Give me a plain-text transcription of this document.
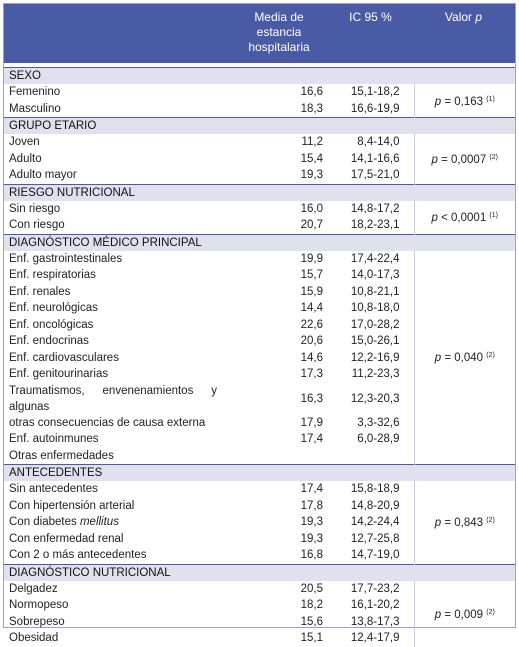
	Media de estancia hospitalaria	IC 95 %	Valor p

SEXO			
Femenino	16,6	15,1-18,2	p = 0,163 $^{(1)}$
Masculino	18,3	16,6-19,9	
GRUPO ETARIO			
Joven	11,2	8,4-14,0	p = 0,0007 $^{(2)}$
Adulto	15,4	14,1-16,6	
Adulto mayor	19,3	17,5-21,0	
RIESGO NUTRICIONAL			
Sin riesgo	16,0	14,8-17,2	p < 0,0001 $^{(1)}$
Con riesgo	20,7	18,2-23,1	
DIAGNÓSTICO MÉDICO PRINCIPAL			
Enf. gastrointestinales	19,9	17,4-22,4	p = 0,040 $^{(2)}$
Enf. respiratorias	15,7	14,0-17,3	
Enf. renales	15,9	10,8-21,1	
Enf. neurológicas	14,4	10,8-18,0	
Enf. oncológicas	22,6	17,0-28,2	
Enf. endocrinas	20,6	15,0-26,1	
Enf. cardiovasculares	14,6	12,2-16,9	
Enf. genitourinarias	17,3	11,2-23,3	
Traumatismos, envenenamientos y algunas	16,3	12,3-20,3	
otras consecuencias de causa externa	17,9	3,3-32,6	
Enf. autoinmunes	17,4	6,0-28,9	
Otras enfermedades			
ANTECEDENTES			
Sin antecedentes	17,4	15,8-18,9	p = 0,843 $^{(2)}$
Con hipertensión arterial	17,8	14,8-20,9	
Con diabetes mellitus	19,3	14,2-24,4	
Con enfermedad renal	19,3	12,7-25,8	
Con 2 o más antecedentes	16,8	14,7-19,0	
DIAGNÓSTICO NUTRICIONAL			
Delgadez	20,5	17,7-23,2	p = 0,009 $^{(2)}$
Normopeso	18,2	16,1-20,2	
Sobrepeso	15,6	13,8-17,3	
Obesidad	15,1	12,4-17,9	
